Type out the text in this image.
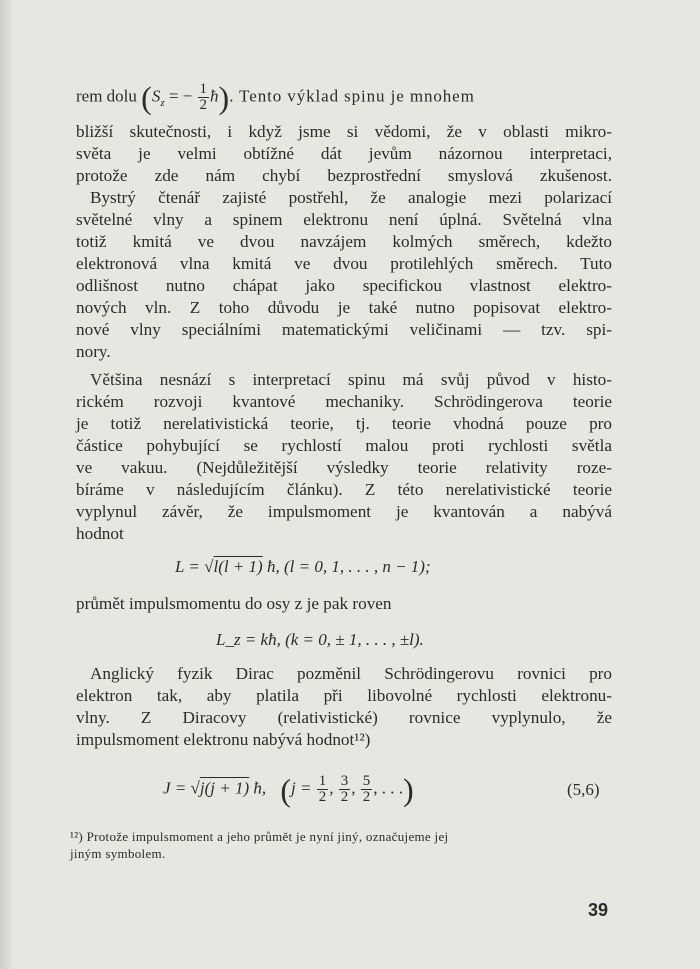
rem dolu ($S_z$ = − $\frac{1}{2}$ ħ). Tento výklad spinu je mnohem
bližší skutečnosti, i když jsme si vědomi, že v oblasti mikro-
světa je velmi obtížné dát jevům názornou interpretaci,
protože zde nám chybí bezprostřední smyslová zkušenost.
Bystrý čtenář zajisté postřehl, že analogie mezi polarizací
světelné vlny a spinem elektronu není úplná. Světelná vlna
totiž kmitá ve dvou navzájem kolmých směrech, kdežto
elektronová vlna kmitá ve dvou protilehlých směrech. Tuto
odlišnost nutno chápat jako specifickou vlastnost elektro-
nových vln. Z toho důvodu je také nutno popisovat elektro-
nové vlny speciálními matematickými veličinami — tzv. spi-
nory.
Většina nesnází s interpretací spinu má svůj původ v histo-
rickém rozvoji kvantové mechaniky. Schrödingerova teorie
je totiž nerelativistická teorie, tj. teorie vhodná pouze pro
částice pohybující se rychlostí malou proti rychlosti světla
ve vakuu. (Nejdůležitější výsledky teorie relativity roze-
bíráme v následujícím článku). Z této nerelativistické teorie
vyplynul závěr, že impulsmoment je kvantován a nabývá
hodnot
L = √l(l + 1) ħ, (l = 0, 1, . . . , n − 1);
průmět impulsmomentu do osy z je pak roven
L_z = kħ, (k = 0, ± 1, . . . , ±l).
Anglický fyzik Dirac pozměnil Schrödingerovu rovnici pro
elektron tak, aby platila při libovolné rychlosti elektronu-
vlny. Z Diracovy (relativistické) rovnice vyplynulo, že
impulsmoment elektronu nabývá hodnot¹²)
J = √j(j + 1) ħ, ($j = \frac{1}{2}$ , $\frac{3}{2}$ , $\frac{5}{2}$ , . . .)	(5,6)
¹²) Protože impulsmoment a jeho průmět je nyní jiný, označujeme jej
jiným symbolem.
39
